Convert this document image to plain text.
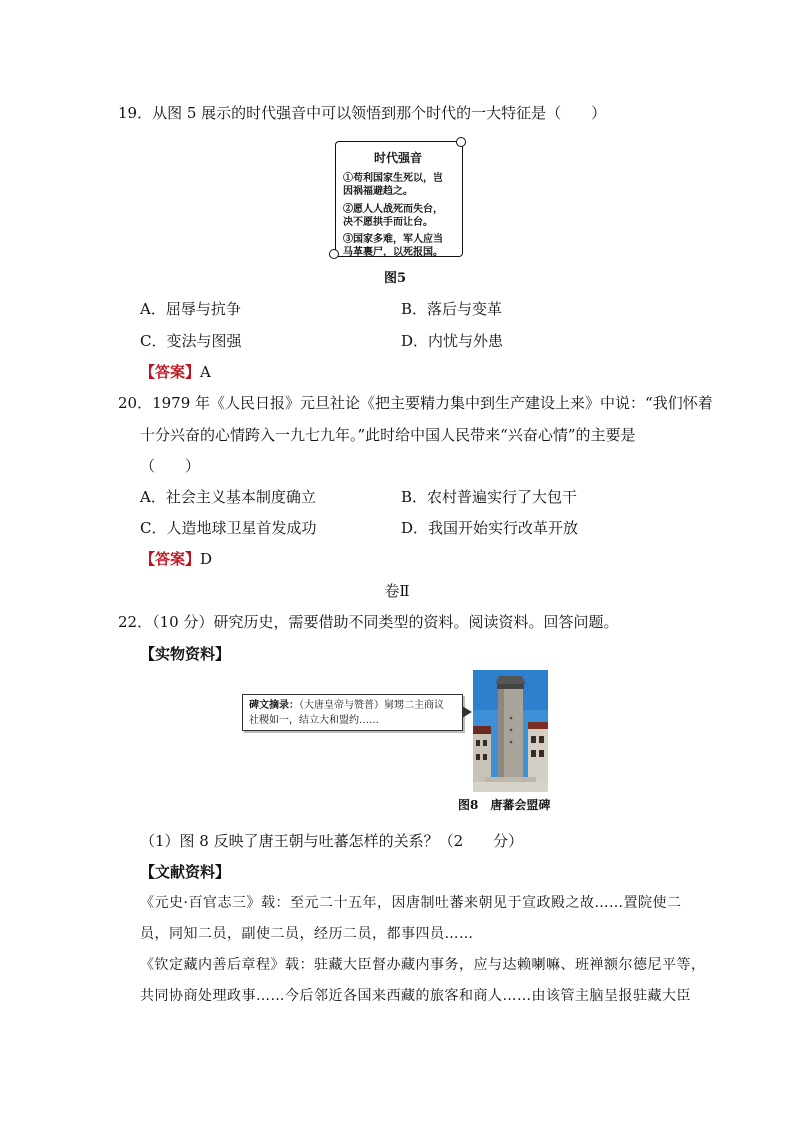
19．从图 5 展示的时代强音中可以领悟到那个时代的一大特征是（　　）
时代强音
①苟利国家生死以，岂
因祸福避趋之。
②愿人人战死而失台，
决不愿拱手而让台。
③国家多难，军人应当
马革裹尸，以死报国。
图5
A．屈辱与抗争	B．落后与变革
C．变法与图强	D．内忧与外患
【答案】A
20．1979 年《人民日报》元旦社论《把主要精力集中到生产建设上来》中说：“我们怀着
十分兴奋的心情跨入一九七九年。”此时给中国人民带来“兴奋心情”的主要是
（　　）
A．社会主义基本制度确立	B．农村普遍实行了大包干
C．人造地球卫星首发成功	D．我国开始实行改革开放
【答案】D
卷Ⅱ
22．（10 分）研究历史，需要借助不同类型的资料。阅读资料。回答问题。
【实物资料】
碑文摘录：（大唐皇帝与赞普）舅甥二主商议
社稷如一，结立大和盟约……
图8　唐蕃会盟碑
（1）图 8 反映了唐王朝与吐蕃怎样的关系？（2　　分）
【文献资料】
《元史·百官志三》载：至元二十五年，因唐制吐蕃来朝见于宣政殿之故……置院使二
员，同知二员，副使二员，经历二员，都事四员……
《钦定藏内善后章程》载：驻藏大臣督办藏内事务，应与达赖喇嘛、班禅额尔德尼平等，
共同协商处理政事……今后邻近各国来西藏的旅客和商人……由该管主脑呈报驻藏大臣
